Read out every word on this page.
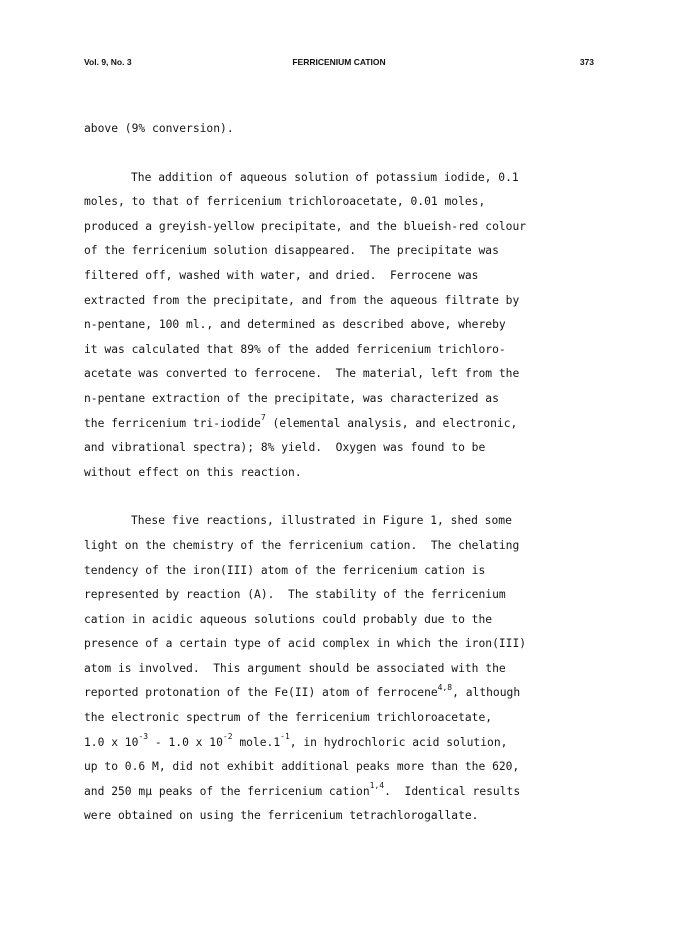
FERRICENIUM CATION
Vol. 9, No. 3	373
above (9% conversion).
The addition of aqueous solution of potassium iodide, 0.1
moles, to that of ferricenium trichloroacetate, 0.01 moles,
produced a greyish-yellow precipitate, and the blueish-red colour
of the ferricenium solution disappeared.  The precipitate was
filtered off, washed with water, and dried.  Ferrocene was
extracted from the precipitate, and from the aqueous filtrate by
n-pentane, 100 ml., and determined as described above, whereby
it was calculated that 89% of the added ferricenium trichloro-
acetate was converted to ferrocene.  The material, left from the
n-pentane extraction of the precipitate, was characterized as
the ferricenium tri-iodide$^7$ (elemental analysis, and electronic,
and vibrational spectra); 8% yield.  Oxygen was found to be
without effect on this reaction.
These five reactions, illustrated in Figure 1, shed some
light on the chemistry of the ferricenium cation.  The chelating
tendency of the iron(III) atom of the ferricenium cation is
represented by reaction (A).  The stability of the ferricenium
cation in acidic aqueous solutions could probably due to the
presence of a certain type of acid complex in which the iron(III)
atom is involved.  This argument should be associated with the
reported protonation of the Fe(II) atom of ferrocene$^{4,8}$, although
the electronic spectrum of the ferricenium trichloroacetate,
1.0 x $10^{-3} - 1.0$ x $10^{-2}$ $mole.1^{-1}$, in hydrochloric acid solution,
up to 0.6 M, did not exhibit additional peaks more than the 620,
and 250 mµ peaks of the ferricenium cation$^{1,4}$.  Identical results
were obtained on using the ferricenium tetrachlorogallate.
